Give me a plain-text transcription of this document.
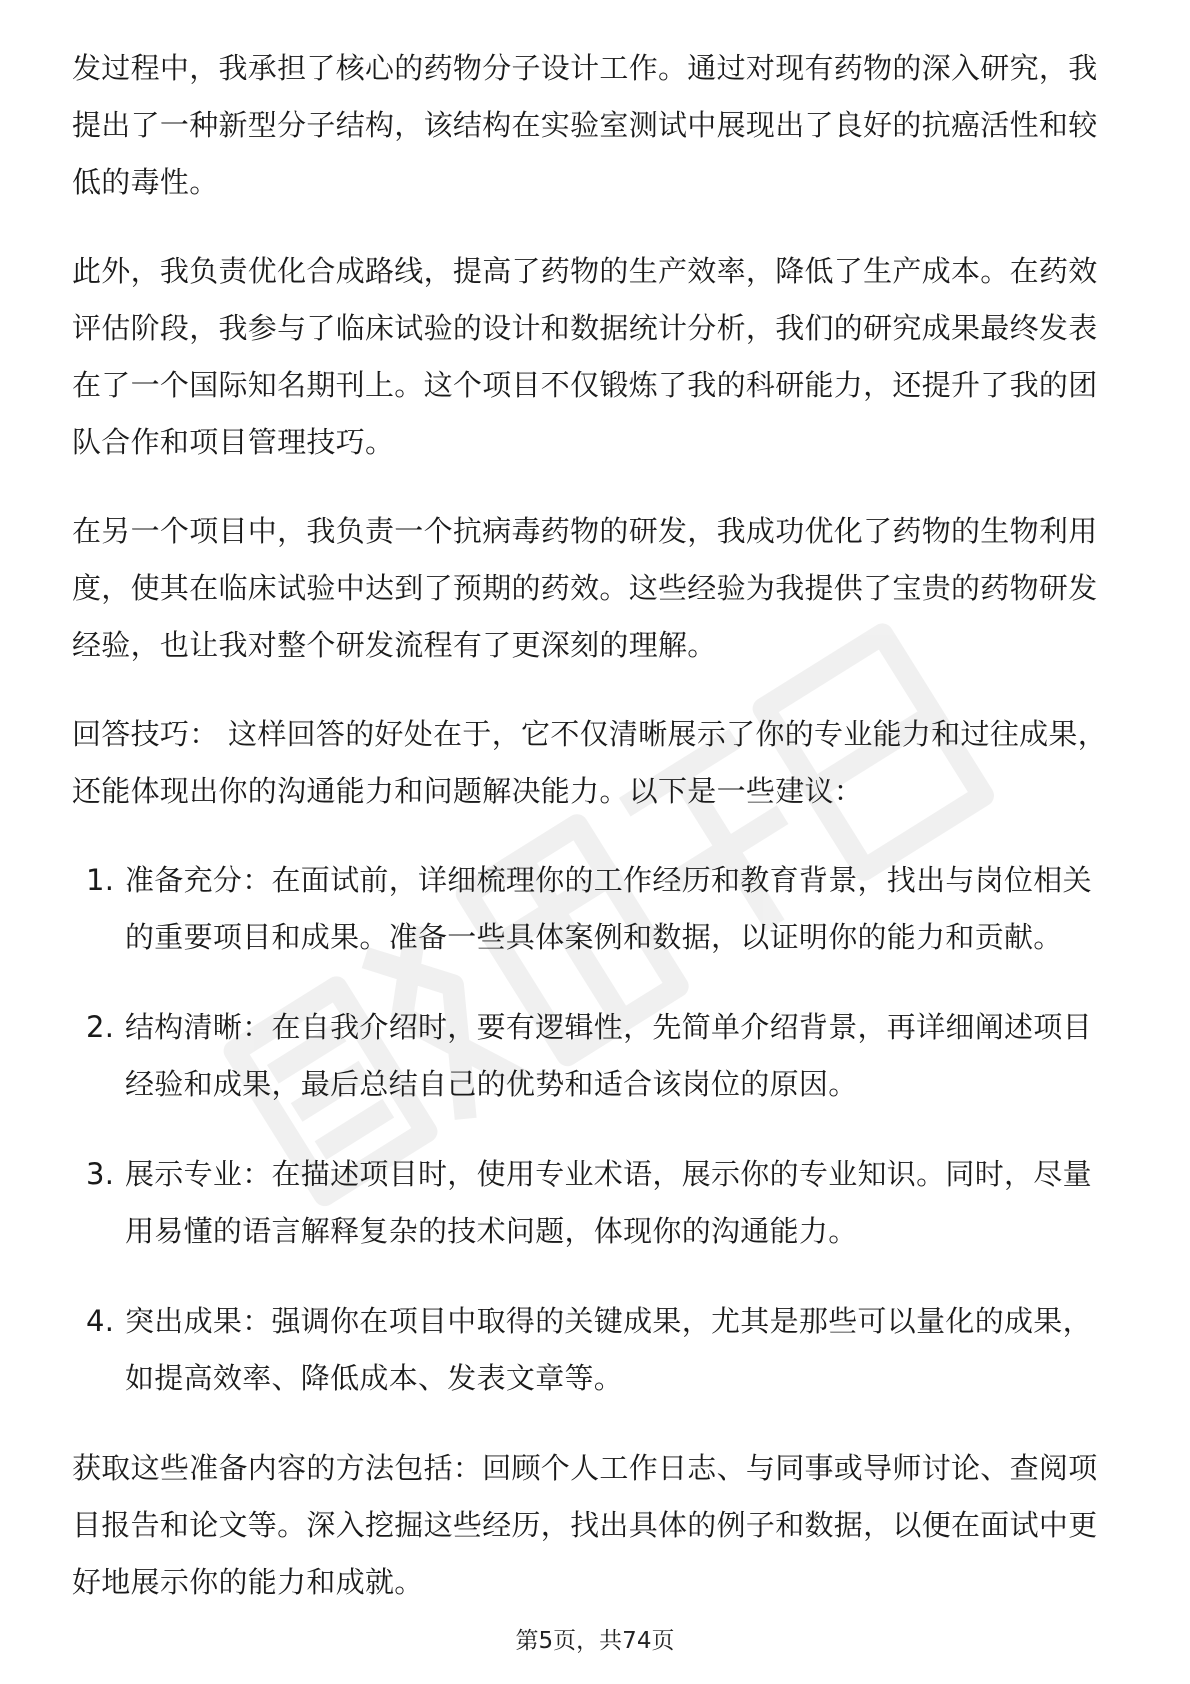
发过程中，我承担了核心的药物分子设计工作。通过对现有药物的深入研究，我提出了一种新型分子结构，该结构在实验室测试中展现出了良好的抗癌活性和较低的毒性。

此外，我负责优化合成路线，提高了药物的生产效率，降低了生产成本。在药效评估阶段，我参与了临床试验的设计和数据统计分析，我们的研究成果最终发表在了一个国际知名期刊上。这个项目不仅锻炼了我的科研能力，还提升了我的团队合作和项目管理技巧。

在另一个项目中，我负责一个抗病毒药物的研发，我成功优化了药物的生物利用度，使其在临床试验中达到了预期的药效。这些经验为我提供了宝贵的药物研发经验，也让我对整个研发流程有了更深刻的理解。

回答技巧： 这样回答的好处在于，它不仅清晰展示了你的专业能力和过往成果，还能体现出你的沟通能力和问题解决能力。以下是一些建议：

1. 准备充分：在面试前，详细梳理你的工作经历和教育背景，找出与岗位相关的重要项目和成果。准备一些具体案例和数据，以证明你的能力和贡献。
2. 结构清晰：在自我介绍时，要有逻辑性，先简单介绍背景，再详细阐述项目经验和成果，最后总结自己的优势和适合该岗位的原因。
3. 展示专业：在描述项目时，使用专业术语，展示你的专业知识。同时，尽量用易懂的语言解释复杂的技术问题，体现你的沟通能力。
4. 突出成果：强调你在项目中取得的关键成果，尤其是那些可以量化的成果，如提高效率、降低成本、发表文章等。

获取这些准备内容的方法包括：回顾个人工作日志、与同事或导师讨论、查阅项目报告和论文等。深入挖掘这些经历，找出具体的例子和数据，以便在面试中更好地展示你的能力和成就。

第5页，共74页
